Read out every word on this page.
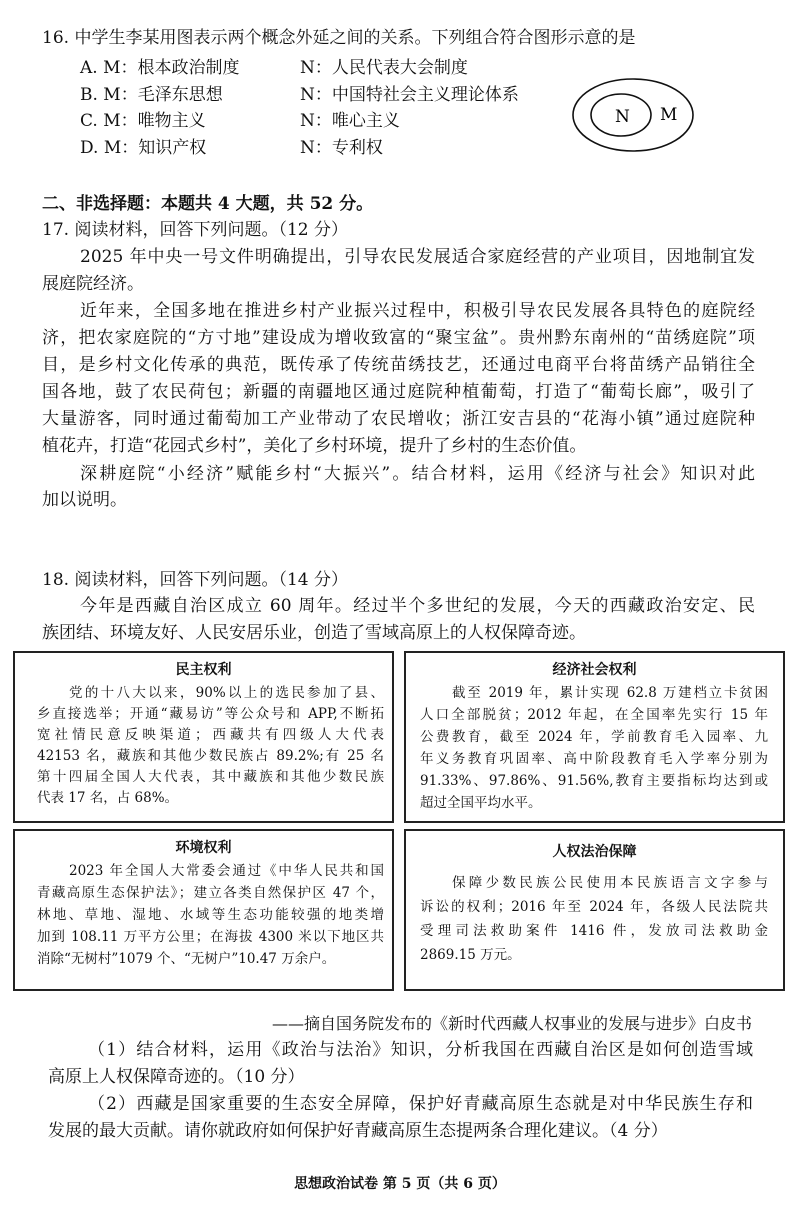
16. 中学生李某用图表示两个概念外延之间的关系。下列组合符合图形示意的是
A. M：根本政治制度	N：人民代表大会制度
B. M：毛泽东思想	N：中国特社会主义理论体系
C. M：唯物主义	N：唯心主义
D. M：知识产权	N：专利权
N M
二、非选择题：本题共 4 大题，共 52 分。
17. 阅读材料，回答下列问题。（12 分）
2025 年中央一号文件明确提出，引导农民发展适合家庭经营的产业项目，因地制宜发
展庭院经济。
近年来，全国多地在推进乡村产业振兴过程中，积极引导农民发展各具特色的庭院经
济，把农家庭院的“方寸地”建设成为增收致富的“聚宝盆”。贵州黔东南州的“苗绣庭院”项
目，是乡村文化传承的典范，既传承了传统苗绣技艺，还通过电商平台将苗绣产品销往全
国各地，鼓了农民荷包；新疆的南疆地区通过庭院种植葡萄，打造了“葡萄长廊”，吸引了
大量游客，同时通过葡萄加工产业带动了农民增收；浙江安吉县的“花海小镇”通过庭院种
植花卉，打造“花园式乡村”，美化了乡村环境，提升了乡村的生态价值。
深耕庭院“小经济”赋能乡村“大振兴”。结合材料，运用《经济与社会》知识对此
加以说明。
18. 阅读材料，回答下列问题。（14 分）
今年是西藏自治区成立 60 周年。经过半个多世纪的发展，今天的西藏政治安定、民
族团结、环境友好、人民安居乐业，创造了雪域高原上的人权保障奇迹。
民主权利
党的十八大以来，90%以上的选民参加了县、
乡直接选举；开通“藏易访”等公众号和 APP,不断拓
宽社情民意反映渠道；西藏共有四级人大代表
42153 名，藏族和其他少数民族占 89.2%;有 25 名
第十四届全国人大代表，其中藏族和其他少数民族
代表 17 名，占 68%。
经济社会权利
截至 2019 年，累计实现 62.8 万建档立卡贫困
人口全部脱贫；2012 年起，在全国率先实行 15 年
公费教育，截至 2024 年，学前教育毛入园率、九
年义务教育巩固率、高中阶段教育毛入学率分别为
91.33%、97.86%、91.56%,教育主要指标均达到或
超过全国平均水平。
环境权利
2023 年全国人大常委会通过《中华人民共和国
青藏高原生态保护法》；建立各类自然保护区 47 个，
林地、草地、湿地、水域等生态功能较强的地类增
加到 108.11 万平方公里；在海拔 4300 米以下地区共
消除“无树村”1079 个、“无树户”10.47 万余户。
人权法治保障
保障少数民族公民使用本民族语言文字参与
诉讼的权利；2016 年至 2024 年，各级人民法院共
受理司法救助案件 1416 件，发放司法救助金
2869.15 万元。
——摘自国务院发布的《新时代西藏人权事业的发展与进步》白皮书
（1）结合材料，运用《政治与法治》知识，分析我国在西藏自治区是如何创造雪域
高原上人权保障奇迹的。（10 分）
（2）西藏是国家重要的生态安全屏障，保护好青藏高原生态就是对中华民族生存和
发展的最大贡献。请你就政府如何保护好青藏高原生态提两条合理化建议。（4 分）
思想政治试卷 第 5 页（共 6 页）
